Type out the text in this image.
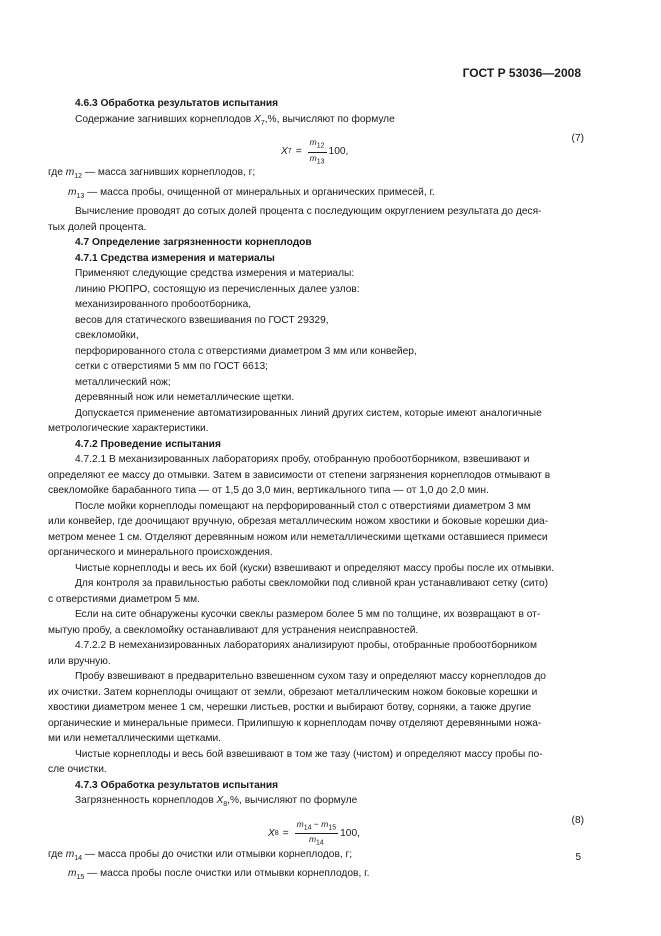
ГОСТ Р 53036—2008
4.6.3 Обработка результатов испытания
Содержание загнивших корнеплодов $X_7,\%$, вычисляют по формуле
X $7 = \frac{m_{12}}{m_{13}} 100$,
(7)
где $m_{12}$ — масса загнивших корнеплодов, г;
$m_{13}$ — масса пробы, очищенной от минеральных и органических примесей, г.
Вычисление проводят до сотых долей процента с последующим округлением результата до деся-
тых долей процента.
4.7 Определение загрязненности корнеплодов
4.7.1 Средства измерения и материалы
Применяют следующие средства измерения и материалы:
линию РЮПРО, состоящую из перечисленных далее узлов:
механизированного пробоотборника,
весов для статического взвешивания по ГОСТ 29329,
свекломойки,
перфорированного стола с отверстиями диаметром 3 мм или конвейер,
сетки с отверстиями 5 мм по ГОСТ 6613;
металлический нож;
деревянный нож или неметаллические щетки.
Допускается применение автоматизированных линий других систем, которые имеют аналогичные
метрологические характеристики.
4.7.2 Проведение испытания
4.7.2.1 В механизированных лабораториях пробу, отобранную пробоотборником, взвешивают и
определяют ее массу до отмывки. Затем в зависимости от степени загрязнения корнеплодов отмывают в
свекломойке барабанного типа — от 1,5 до 3,0 мин, вертикального типа — от 1,0 до 2,0 мин.
После мойки корнеплоды помещают на перфорированный стол с отверстиями диаметром 3 мм
или конвейер, где доочищают вручную, обрезая металлическим ножом хвостики и боковые корешки диа-
метром менее 1 см. Отделяют деревянным ножом или неметаллическими щетками оставшиеся примеси
органического и минерального происхождения.
Чистые корнеплоды и весь их бой (куски) взвешивают и определяют массу пробы после их отмывки.
Для контроля за правильностью работы свекломойки под сливной кран устанавливают сетку (сито)
с отверстиями диаметром 5 мм.
Если на сите обнаружены кусочки свеклы размером более 5 мм по толщине, их возвращают в от-
мытую пробу, а свекломойку останавливают для устранения неисправностей.
4.7.2.2 В немеханизированных лабораториях анализируют пробы, отобранные пробоотборником
или вручную.
Пробу взвешивают в предварительно взвешенном сухом тазу и определяют массу корнеплодов до
их очистки. Затем корнеплоды очищают от земли, обрезают металлическим ножом боковые корешки и
хвостики диаметром менее 1 см, черешки листьев, ростки и выбирают ботву, сорняки, а также другие
органические и минеральные примеси. Прилипшую к корнеплодам почву отделяют деревянными ножа-
ми или неметаллическими щетками.
Чистые корнеплоды и весь бой взвешивают в том же тазу (чистом) и определяют массу пробы по-
сле очистки.
4.7.3 Обработка результатов испытания
Загрязненность корнеплодов $X_8,\%$, вычисляют по формуле
X $8 = \frac{m_{14} - m_{15}}{m_{14}} 100$,
(8)
где $m_{14}$ — масса пробы до очистки или отмывки корнеплодов, г;
$m_{15}$ — масса пробы после очистки или отмывки корнеплодов, г.
5
